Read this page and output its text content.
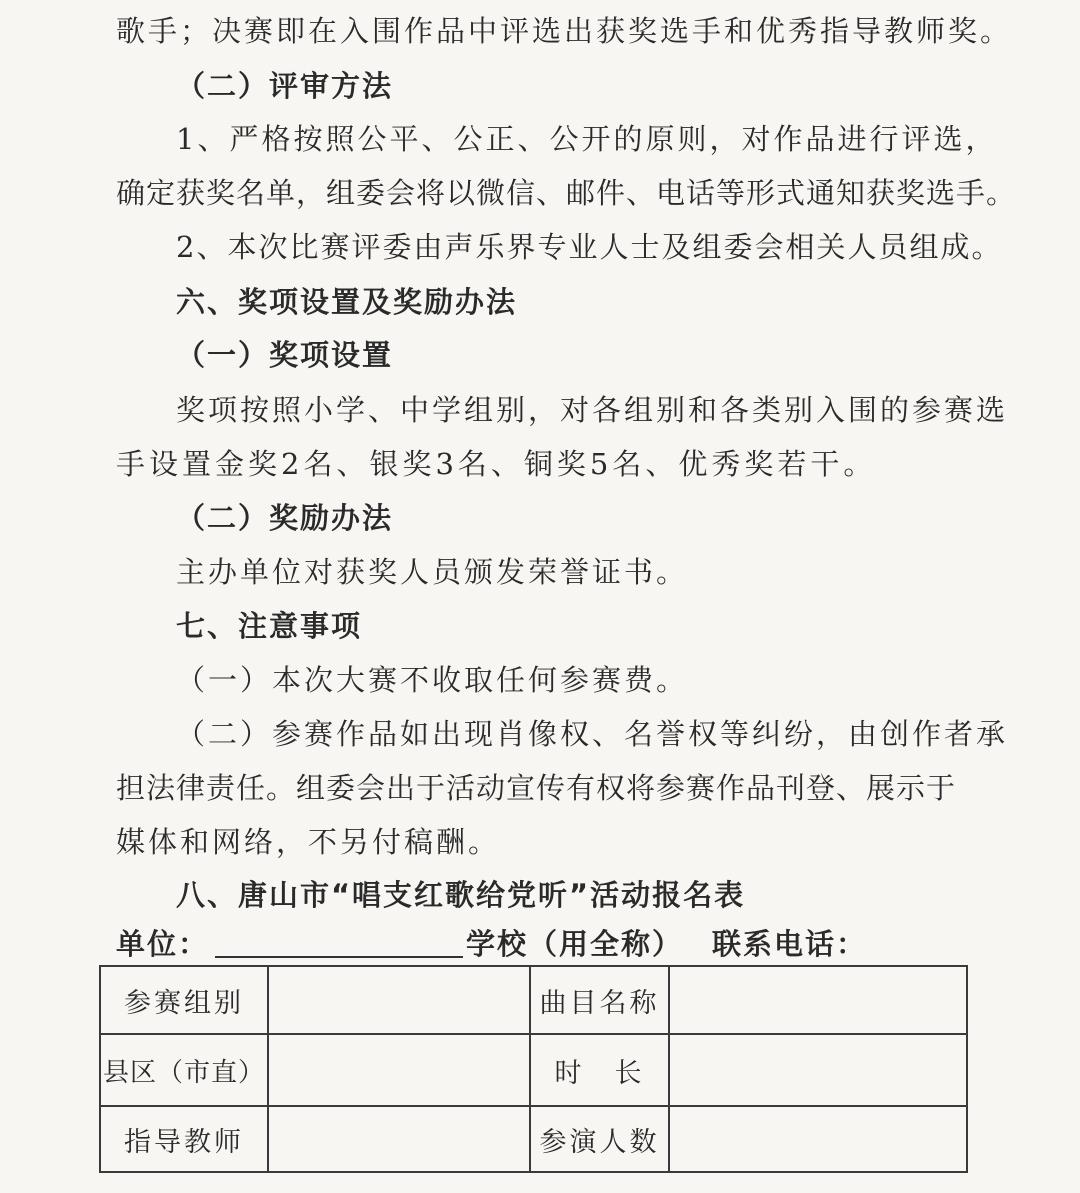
歌手；决赛即在入围作品中评选出获奖选手和优秀指导教师奖。
（二）评审方法
1、严格按照公平、公正、公开的原则，对作品进行评选，
确定获奖名单，组委会将以微信、邮件、电话等形式通知获奖选手。
2、本次比赛评委由声乐界专业人士及组委会相关人员组成。
六、奖项设置及奖励办法
（一）奖项设置
奖项按照小学、中学组别，对各组别和各类别入围的参赛选
手设置金奖2名、银奖3名、铜奖5名、优秀奖若干。
（二）奖励办法
主办单位对获奖人员颁发荣誉证书。
七、注意事项
（一）本次大赛不收取任何参赛费。
（二）参赛作品如出现肖像权、名誉权等纠纷，由创作者承
担法律责任。组委会出于活动宣传有权将参赛作品刊登、展示于
媒体和网络，不另付稿酬。
八、唐山市“唱支红歌给党听”活动报名表
单位：	学校（用全称） 联系电话：
参赛组别		曲目名称	
县区（市直）		时　长	
指导教师		参演人数	
